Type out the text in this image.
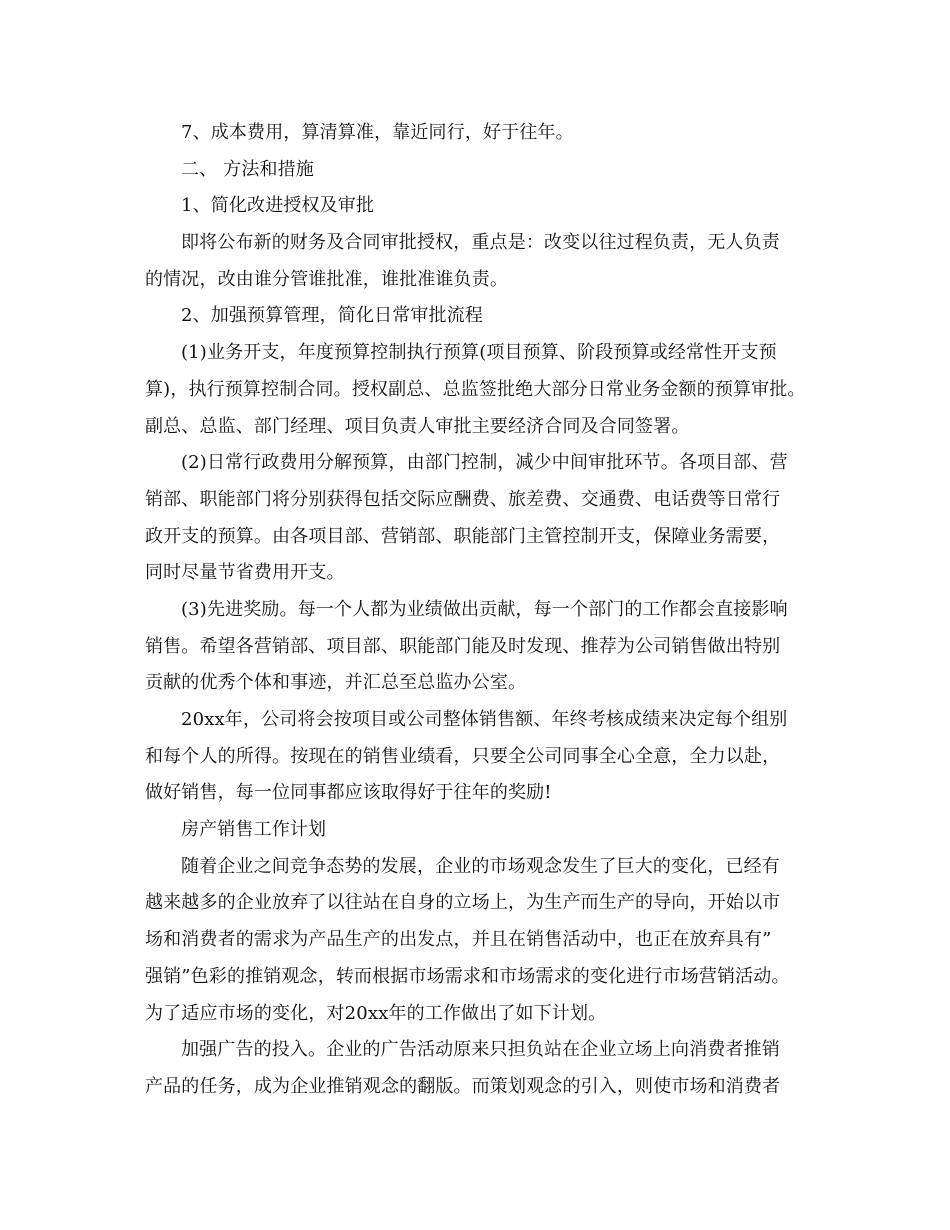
7、成本费用，算清算准，靠近同行，好于往年。
二、 方法和措施
1、简化改进授权及审批
即将公布新的财务及合同审批授权，重点是：改变以往过程负责，无人负责
的情况，改由谁分管谁批准，谁批准谁负责。
2、加强预算管理，简化日常审批流程
(1)业务开支，年度预算控制执行预算(项目预算、阶段预算或经常性开支预
算)，执行预算控制合同。授权副总、总监签批绝大部分日常业务金额的预算审批。
副总、总监、部门经理、项目负责人审批主要经济合同及合同签署。
(2)日常行政费用分解预算，由部门控制，减少中间审批环节。各项目部、营
销部、职能部门将分别获得包括交际应酬费、旅差费、交通费、电话费等日常行
政开支的预算。由各项目部、营销部、职能部门主管控制开支，保障业务需要，
同时尽量节省费用开支。
(3)先进奖励。每一个人都为业绩做出贡献，每一个部门的工作都会直接影响
销售。希望各营销部、项目部、职能部门能及时发现、推荐为公司销售做出特别
贡献的优秀个体和事迹，并汇总至总监办公室。
20xx年，公司将会按项目或公司整体销售额、年终考核成绩来决定每个组别
和每个人的所得。按现在的销售业绩看，只要全公司同事全心全意，全力以赴，
做好销售，每一位同事都应该取得好于往年的奖励!
房产销售工作计划
随着企业之间竞争态势的发展，企业的市场观念发生了巨大的变化，已经有
越来越多的企业放弃了以往站在自身的立场上，为生产而生产的导向，开始以市
场和消费者的需求为产品生产的出发点，并且在销售活动中，也正在放弃具有”
强销”色彩的推销观念，转而根据市场需求和市场需求的变化进行市场营销活动。
为了适应市场的变化，对20xx年的工作做出了如下计划。
加强广告的投入。企业的广告活动原来只担负站在企业立场上向消费者推销
产品的任务，成为企业推销观念的翻版。而策划观念的引入，则使市场和消费者
